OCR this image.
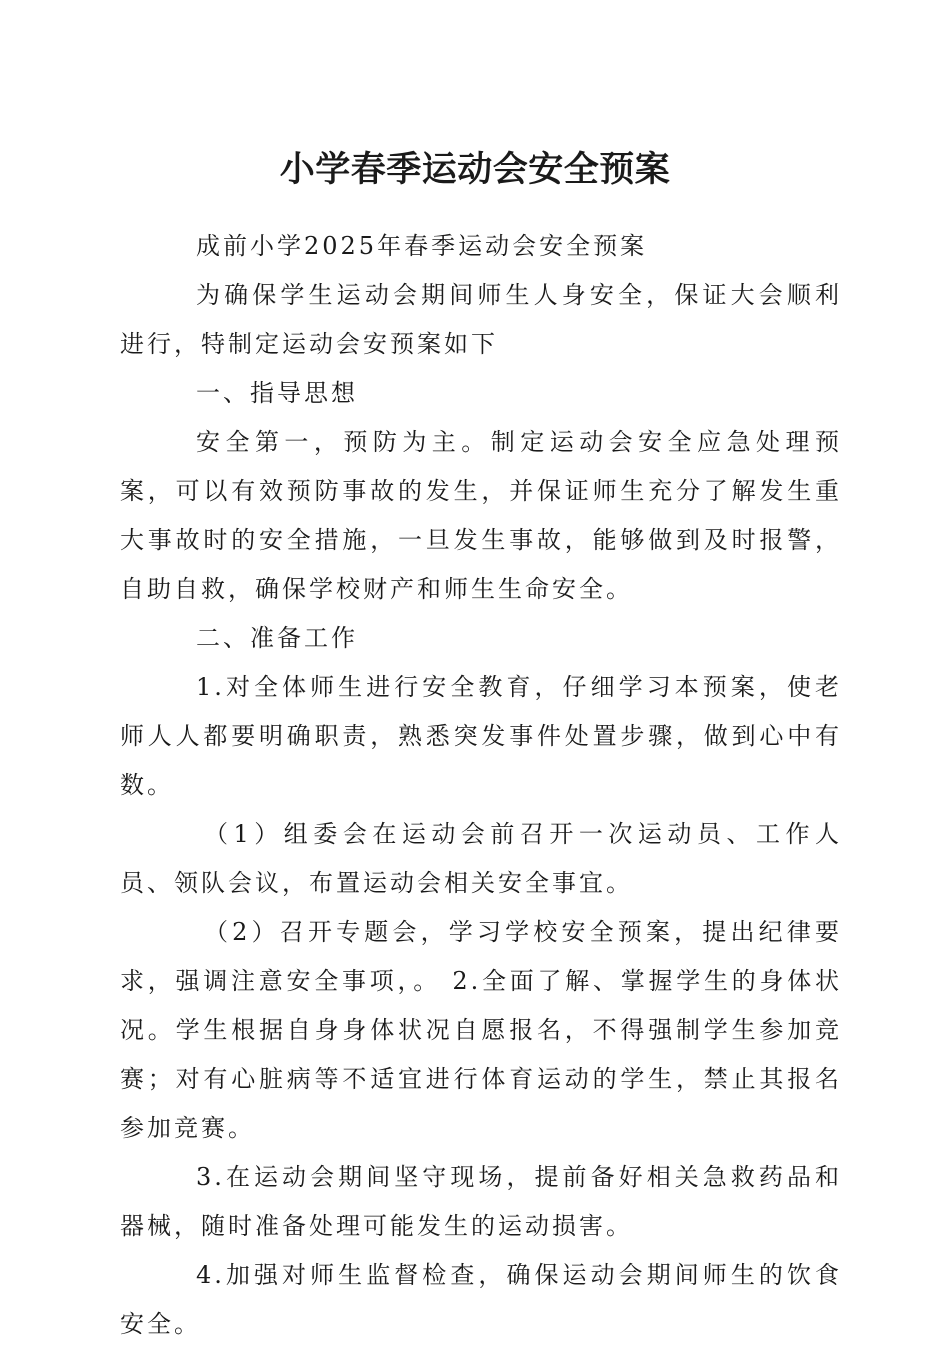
小学春季运动会安全预案

成前小学2025年春季运动会安全预案

为确保学生运动会期间师生人身安全，保证大会顺利进行，特制定运动会安预案如下

一、指导思想

安全第一，预防为主。制定运动会安全应急处理预案，可以有效预防事故的发生，并保证师生充分了解发生重大事故时的安全措施，一旦发生事故，能够做到及时报警，自助自救，确保学校财产和师生生命安全。

二、准备工作

1.对全体师生进行安全教育，仔细学习本预案，使老师人人都要明确职责，熟悉突发事件处置步骤，做到心中有数。

（1）组委会在运动会前召开一次运动员、工作人员、领队会议，布置运动会相关安全事宜。

（2）召开专题会，学习学校安全预案，提出纪律要求，强调注意安全事项，。 2.全面了解、掌握学生的身体状况。学生根据自身身体状况自愿报名，不得强制学生参加竞赛；对有心脏病等不适宜进行体育运动的学生，禁止其报名参加竞赛。

3.在运动会期间坚守现场，提前备好相关急救药品和器械，随时准备处理可能发生的运动损害。

4.加强对师生监督检查，确保运动会期间师生的饮食安全。
